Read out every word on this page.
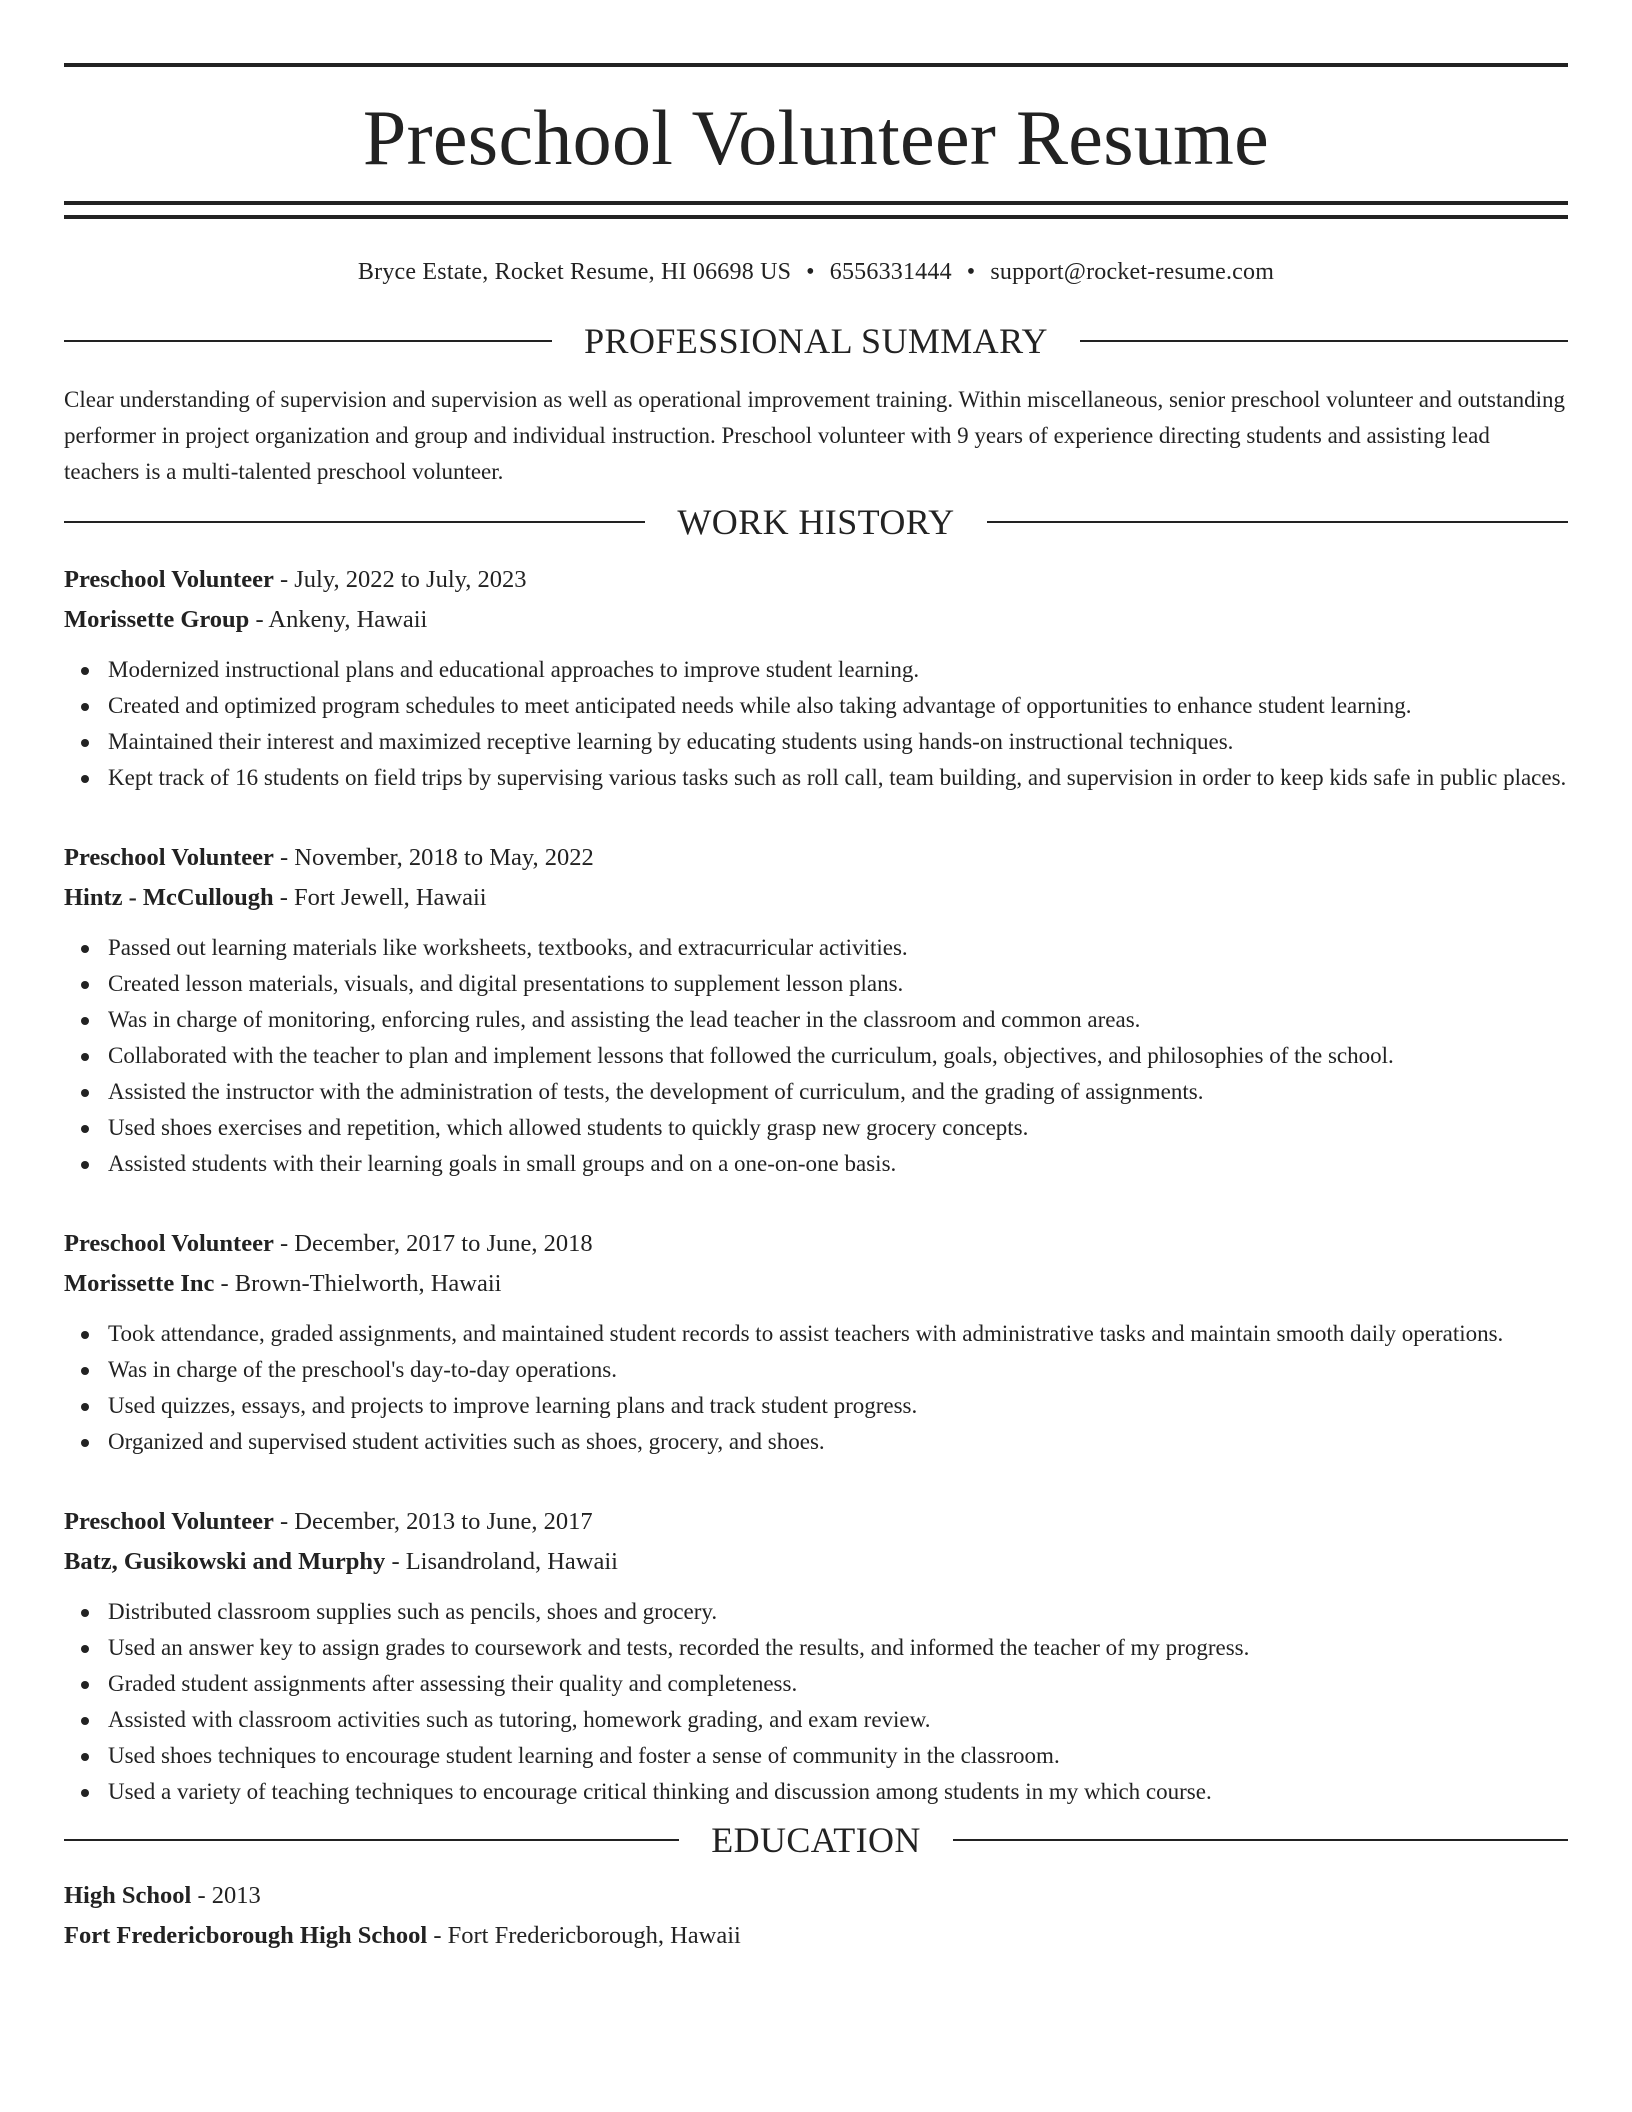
Preschool Volunteer Resume
Bryce Estate, Rocket Resume, HI 06698 US • 6556331444 • support@rocket-resume.com
PROFESSIONAL SUMMARY
Clear understanding of supervision and supervision as well as operational improvement training. Within miscellaneous, senior preschool volunteer and outstanding performer in project organization and group and individual instruction. Preschool volunteer with 9 years of experience directing students and assisting lead teachers is a multi-talented preschool volunteer.
WORK HISTORY
Preschool Volunteer - July, 2022 to July, 2023
Morissette Group - Ankeny, Hawaii
Modernized instructional plans and educational approaches to improve student learning.
Created and optimized program schedules to meet anticipated needs while also taking advantage of opportunities to enhance student learning.
Maintained their interest and maximized receptive learning by educating students using hands-on instructional techniques.
Kept track of 16 students on field trips by supervising various tasks such as roll call, team building, and supervision in order to keep kids safe in public places.
Preschool Volunteer - November, 2018 to May, 2022
Hintz - McCullough - Fort Jewell, Hawaii
Passed out learning materials like worksheets, textbooks, and extracurricular activities.
Created lesson materials, visuals, and digital presentations to supplement lesson plans.
Was in charge of monitoring, enforcing rules, and assisting the lead teacher in the classroom and common areas.
Collaborated with the teacher to plan and implement lessons that followed the curriculum, goals, objectives, and philosophies of the school.
Assisted the instructor with the administration of tests, the development of curriculum, and the grading of assignments.
Used shoes exercises and repetition, which allowed students to quickly grasp new grocery concepts.
Assisted students with their learning goals in small groups and on a one-on-one basis.
Preschool Volunteer - December, 2017 to June, 2018
Morissette Inc - Brown-Thielworth, Hawaii
Took attendance, graded assignments, and maintained student records to assist teachers with administrative tasks and maintain smooth daily operations.
Was in charge of the preschool's day-to-day operations.
Used quizzes, essays, and projects to improve learning plans and track student progress.
Organized and supervised student activities such as shoes, grocery, and shoes.
Preschool Volunteer - December, 2013 to June, 2017
Batz, Gusikowski and Murphy - Lisandroland, Hawaii
Distributed classroom supplies such as pencils, shoes and grocery.
Used an answer key to assign grades to coursework and tests, recorded the results, and informed the teacher of my progress.
Graded student assignments after assessing their quality and completeness.
Assisted with classroom activities such as tutoring, homework grading, and exam review.
Used shoes techniques to encourage student learning and foster a sense of community in the classroom.
Used a variety of teaching techniques to encourage critical thinking and discussion among students in my which course.
EDUCATION
High School - 2013
Fort Fredericborough High School - Fort Fredericborough, Hawaii
